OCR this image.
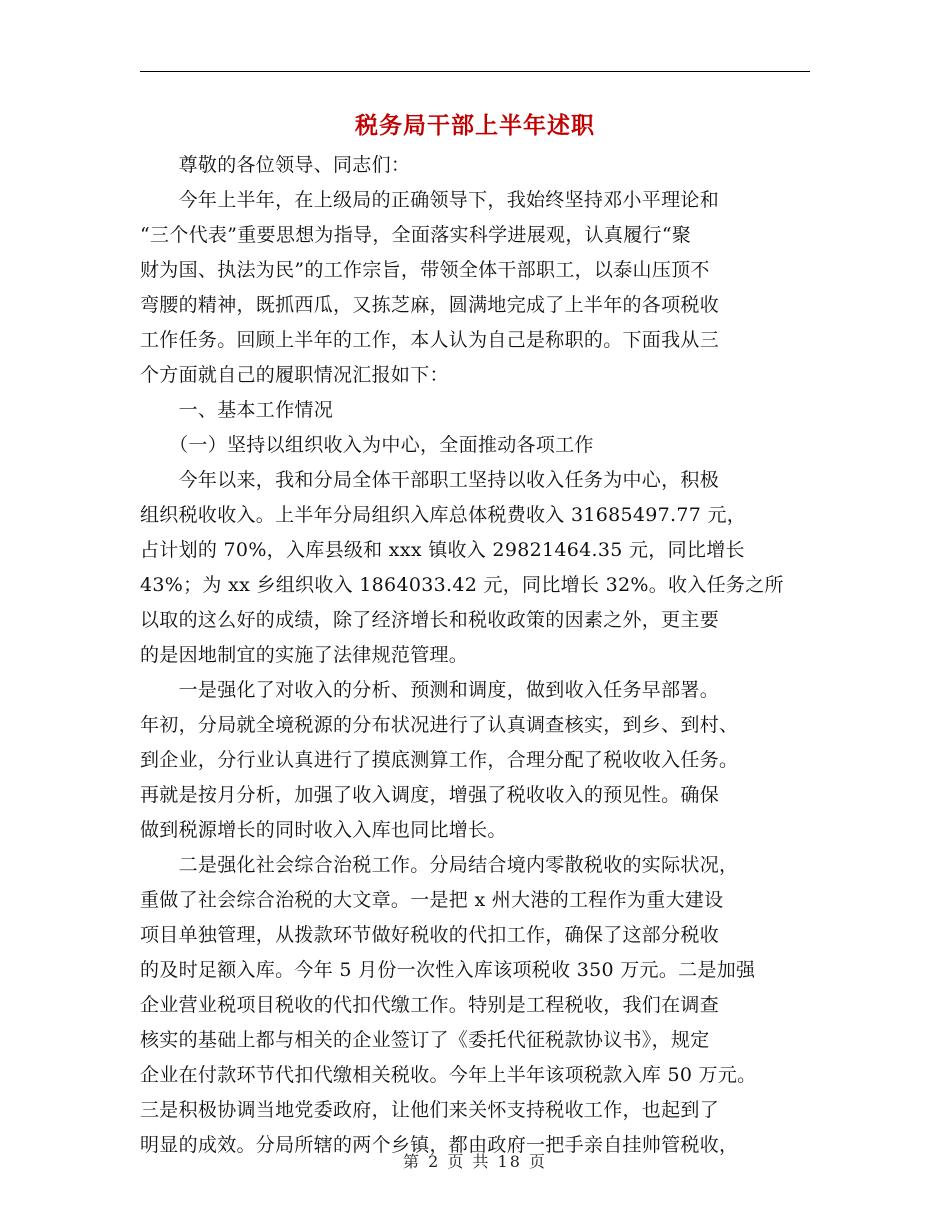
税务局干部上半年述职
　　尊敬的各位领导、同志们：
　　今年上半年，在上级局的正确领导下，我始终坚持邓小平理论和
“三个代表”重要思想为指导，全面落实科学进展观，认真履行“聚
财为国、执法为民”的工作宗旨，带领全体干部职工，以泰山压顶不
弯腰的精神，既抓西瓜，又拣芝麻，圆满地完成了上半年的各项税收
工作任务。回顾上半年的工作，本人认为自己是称职的。下面我从三
个方面就自己的履职情况汇报如下：
　　一、基本工作情况
　　（一）坚持以组织收入为中心，全面推动各项工作
　　今年以来，我和分局全体干部职工坚持以收入任务为中心，积极
组织税收收入。上半年分局组织入库总体税费收入 31685497.77 元，
占计划的 70%，入库县级和 xxx 镇收入 29821464.35 元，同比增长
43%；为 xx 乡组织收入 1864033.42 元，同比增长 32%。收入任务之所
以取的这么好的成绩，除了经济增长和税收政策的因素之外，更主要
的是因地制宜的实施了法律规范管理。
　　一是强化了对收入的分析、预测和调度，做到收入任务早部署。
年初，分局就全境税源的分布状况进行了认真调查核实，到乡、到村、
到企业，分行业认真进行了摸底测算工作，合理分配了税收收入任务。
再就是按月分析，加强了收入调度，增强了税收收入的预见性。确保
做到税源增长的同时收入入库也同比增长。
　　二是强化社会综合治税工作。分局结合境内零散税收的实际状况，
重做了社会综合治税的大文章。一是把 x 州大港的工程作为重大建设
项目单独管理，从拨款环节做好税收的代扣工作，确保了这部分税收
的及时足额入库。今年 5 月份一次性入库该项税收 350 万元。二是加强
企业营业税项目税收的代扣代缴工作。特别是工程税收，我们在调查
核实的基础上都与相关的企业签订了《委托代征税款协议书》，规定
企业在付款环节代扣代缴相关税收。今年上半年该项税款入库 50 万元。
三是积极协调当地党委政府，让他们来关怀支持税收工作，也起到了
明显的成效。分局所辖的两个乡镇，都由政府一把手亲自挂帅管税收，
第 2 页 共 18 页
